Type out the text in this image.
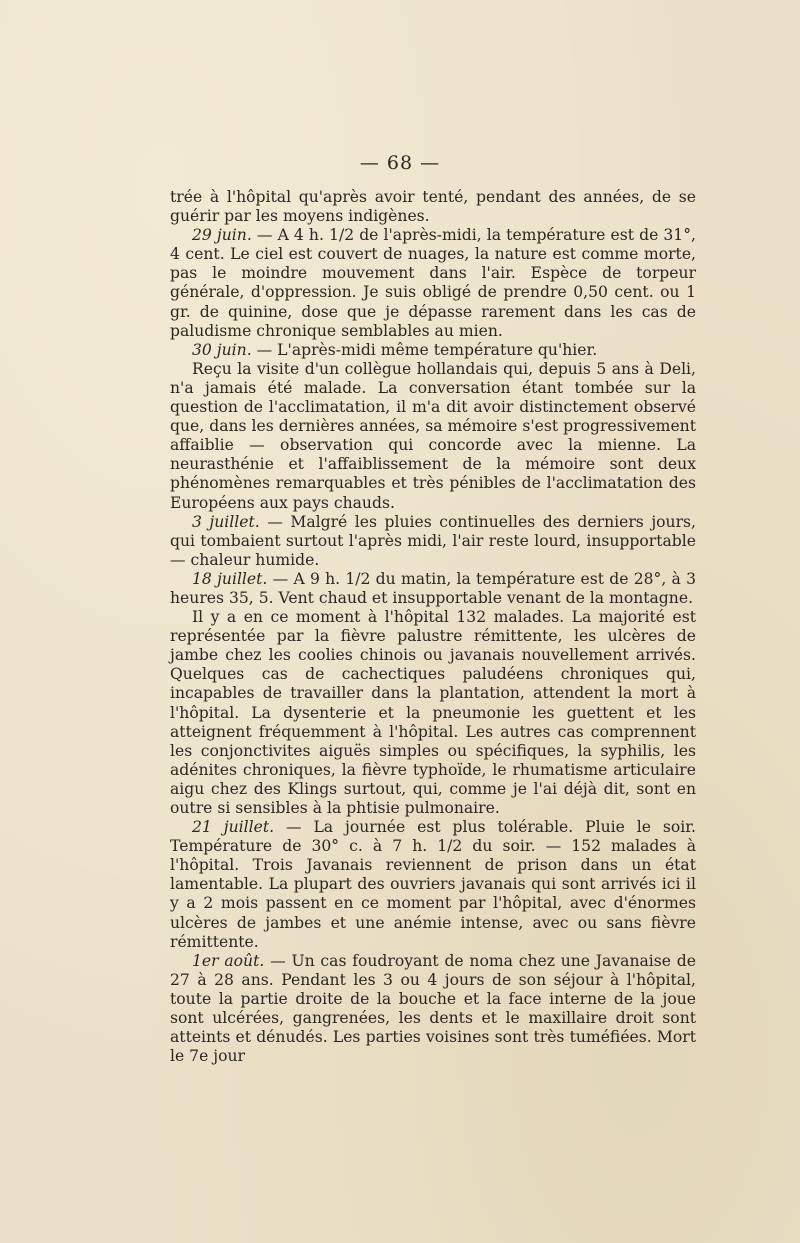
— 68 —

trée à l'hôpital qu'après avoir tenté, pendant des années, de se guérir par les moyens indigènes.

29 juin. — A 4 h. 1/2 de l'après-midi, la température est de 31°, 4 cent. Le ciel est couvert de nuages, la nature est comme morte, pas le moindre mouvement dans l'air. Espèce de torpeur générale, d'oppression. Je suis obligé de prendre 0,50 cent. ou 1 gr. de quinine, dose que je dépasse rarement dans les cas de paludisme chronique semblables au mien.

30 juin. — L'après-midi même température qu'hier.

Reçu la visite d'un collègue hollandais qui, depuis 5 ans à Deli, n'a jamais été malade. La conversation étant tombée sur la question de l'acclimatation, il m'a dit avoir distinctement observé que, dans les dernières années, sa mémoire s'est progressivement affaiblie — observation qui concorde avec la mienne. La neurasthénie et l'affaiblissement de la mémoire sont deux phénomènes remarquables et très pénibles de l'acclimatation des Européens aux pays chauds.

3 juillet. — Malgré les pluies continuelles des derniers jours, qui tombaient surtout l'après midi, l'air reste lourd, insupportable — chaleur humide.

18 juillet. — A 9 h. 1/2 du matin, la température est de 28°, à 3 heures 35, 5. Vent chaud et insupportable venant de la montagne.

Il y a en ce moment à l'hôpital 132 malades. La majorité est représentée par la fièvre palustre rémittente, les ulcères de jambe chez les coolies chinois ou javanais nouvellement arrivés. Quelques cas de cachectiques paludéens chroniques qui, incapables de travailler dans la plantation, attendent la mort à l'hôpital. La dysenterie et la pneumonie les guettent et les atteignent fréquemment à l'hôpital. Les autres cas comprennent les conjonctivites aiguës simples ou spécifiques, la syphilis, les adénites chroniques, la fièvre typhoïde, le rhumatisme articulaire aigu chez des Klings surtout, qui, comme je l'ai déjà dit, sont en outre si sensibles à la phtisie pulmonaire.

21 juillet. — La journée est plus tolérable. Pluie le soir. Température de 30° c. à 7 h. 1/2 du soir. — 152 malades à l'hôpital. Trois Javanais reviennent de prison dans un état lamentable. La plupart des ouvriers javanais qui sont arrivés ici il y a 2 mois passent en ce moment par l'hôpital, avec d'énormes ulcères de jambes et une anémie intense, avec ou sans fièvre rémittente.

1er août. — Un cas foudroyant de noma chez une Javanaise de 27 à 28 ans. Pendant les 3 ou 4 jours de son séjour à l'hôpital, toute la partie droite de la bouche et la face interne de la joue sont ulcérées, gangrenées, les dents et le maxillaire droit sont atteints et dénudés. Les parties voisines sont très tuméfiées. Mort le 7e jour
